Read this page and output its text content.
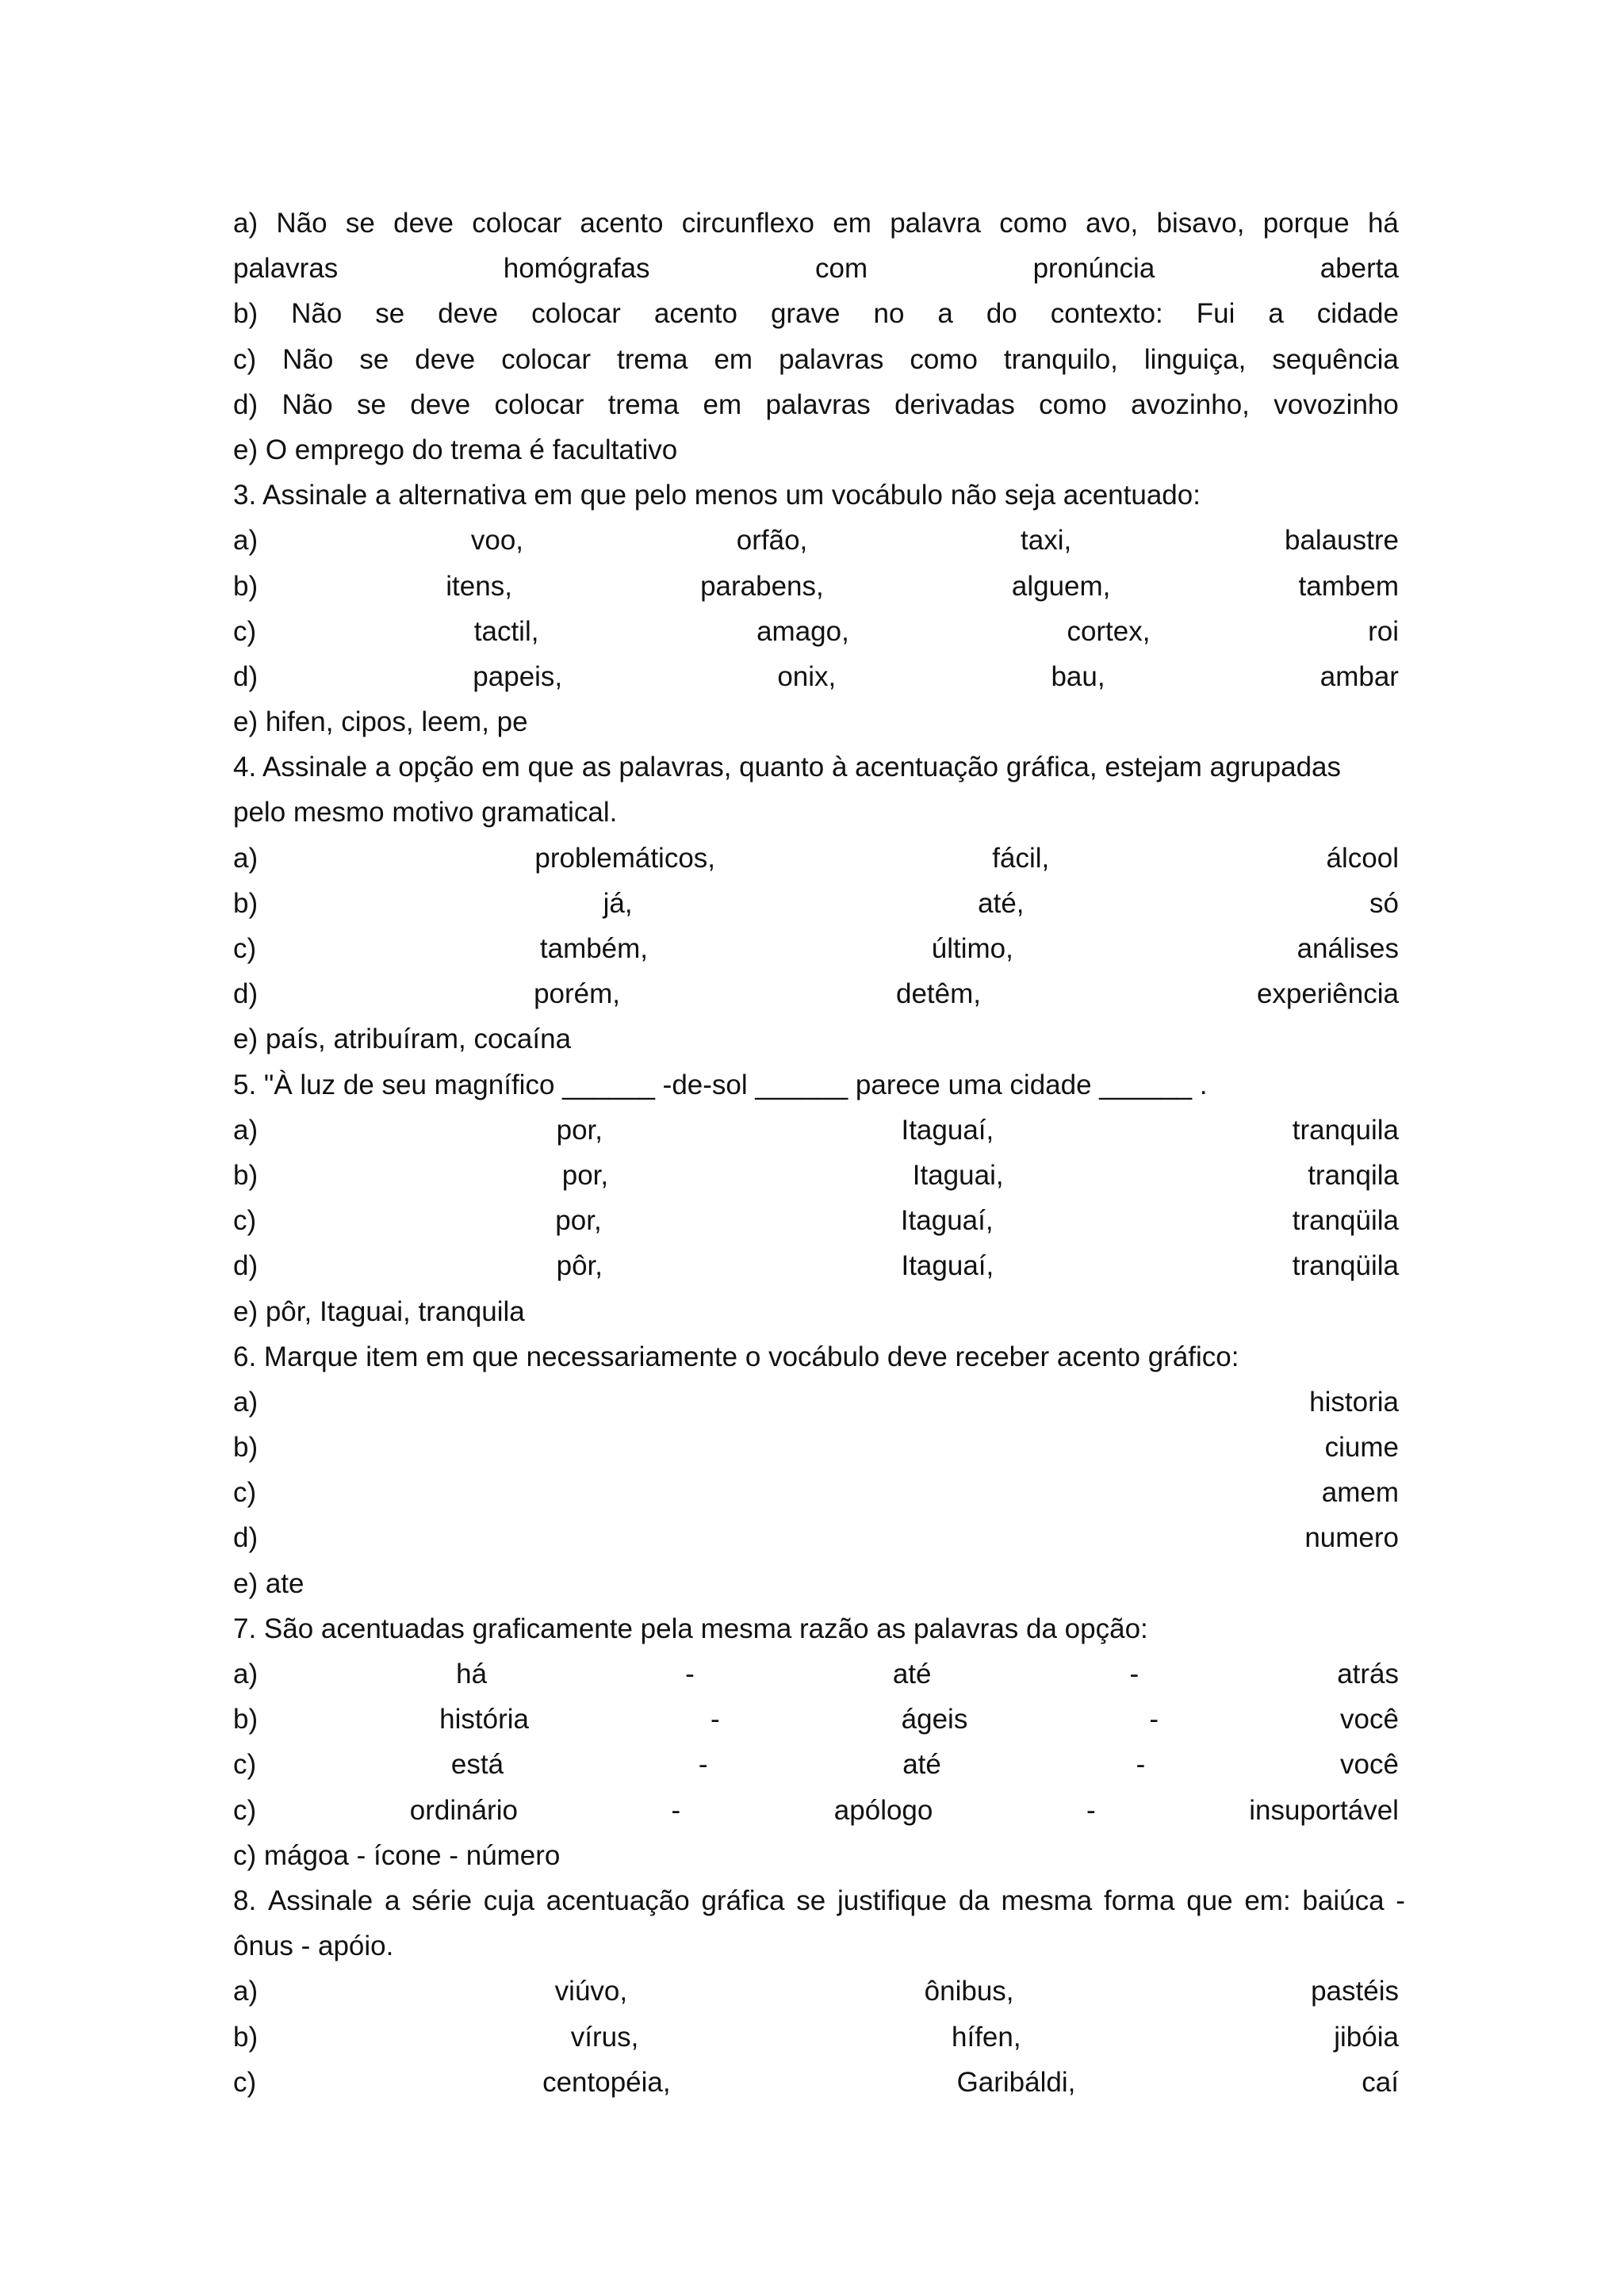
a) Não se deve colocar acento circunflexo em palavra como avo, bisavo, porque há
palavras	homógrafas	com	pronúncia	aberta
b) Não se deve colocar acento grave no a do contexto: Fui a cidade
c) Não se deve colocar trema em palavras como tranquilo, linguiça, sequência
d) Não se deve colocar trema em palavras derivadas como avozinho, vovozinho
e) O emprego do trema é facultativo
3. Assinale a alternativa em que pelo menos um vocábulo não seja acentuado:
a)	voo,	orfão,	taxi,	balaustre
b)	itens,	parabens,	alguem,	tambem
c)	tactil,	amago,	cortex,	roi
d)	papeis,	onix,	bau,	ambar
e) hifen, cipos, leem, pe
4. Assinale a opção em que as palavras, quanto à acentuação gráfica, estejam agrupadas
pelo mesmo motivo gramatical.
a)	problemáticos,	fácil,	álcool
b)	já,	até,	só
c)	também,	último,	análises
d)	porém,	detêm,	experiência
e) país, atribuíram, cocaína
5. "À luz de seu magnífico ______ -de-sol ______ parece uma cidade ______ .
a)	por,	Itaguaí,	tranquila
b)	por,	Itaguai,	tranqila
c)	por,	Itaguaí,	tranqüila
d)	pôr,	Itaguaí,	tranqüila
e) pôr, Itaguai, tranquila
6. Marque item em que necessariamente o vocábulo deve receber acento gráfico:
a)	historia
b)	ciume
c)	amem
d)	numero
e) ate
7. São acentuadas graficamente pela mesma razão as palavras da opção:
a)	há	-	até	-	atrás
b)	história	-	ágeis	-	você
c)	está	-	até	-	você
c)	ordinário	-	apólogo	-	insuportável
c) mágoa - ícone - número
8. Assinale a série cuja acentuação gráfica se justifique da mesma forma que em: baiúca -
ônus - apóio.
a)	viúvo,	ônibus,	pastéis
b)	vírus,	hífen,	jibóia
c)	centopéia,	Garibáldi,	caí
